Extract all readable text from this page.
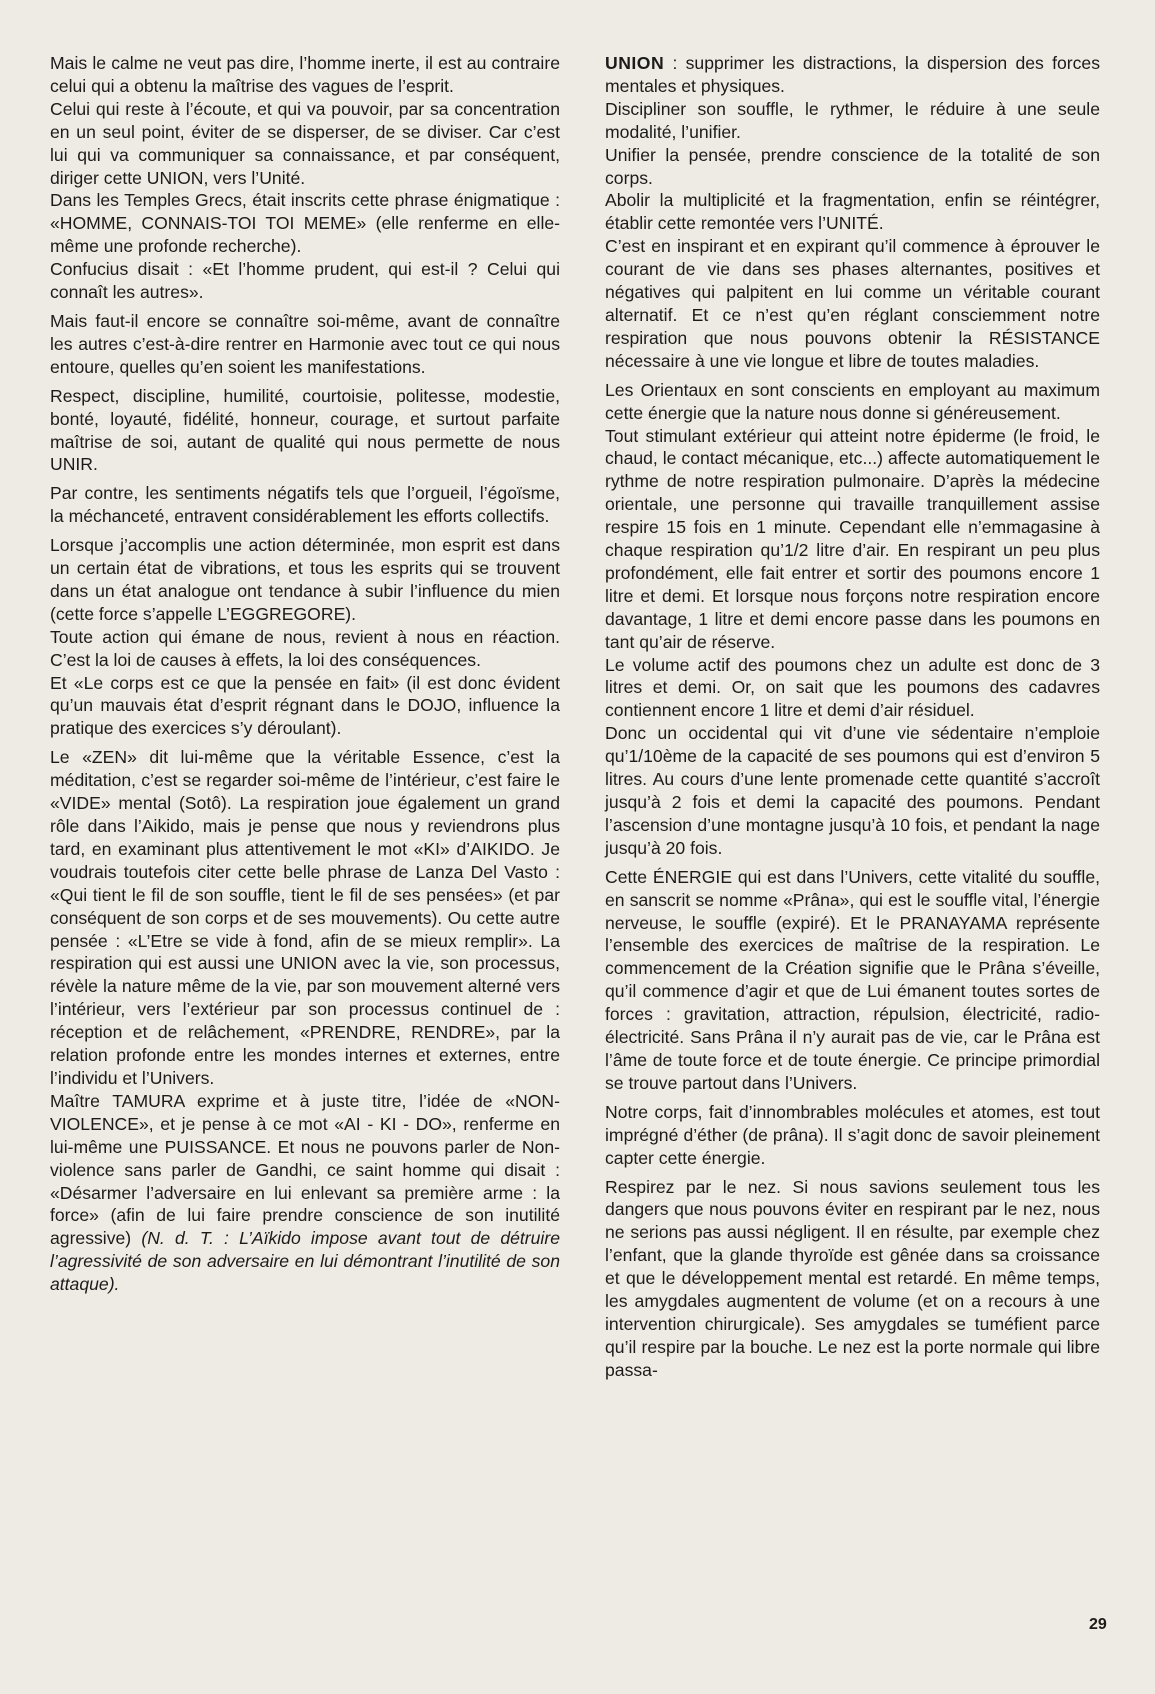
Mais le calme ne veut pas dire, l’homme inerte, il est au contraire celui qui a obtenu la maîtrise des vagues de l’esprit.

Celui qui reste à l’écoute, et qui va pouvoir, par sa concentration en un seul point, éviter de se disperser, de se diviser. Car c’est lui qui va communiquer sa connaissance, et par conséquent, diriger cette UNION, vers l’Unité.

Dans les Temples Grecs, était inscrits cette phrase énigmatique : «HOMME, CONNAIS-TOI TOI MEME» (elle renferme en elle-même une profonde recherche).

Confucius disait : «Et l’homme prudent, qui est-il ? Celui qui connaît les autres».

Mais faut-il encore se connaître soi-même, avant de connaître les autres c’est-à-dire rentrer en Harmonie avec tout ce qui nous entoure, quelles qu’en soient les manifestations.

Respect, discipline, humilité, courtoisie, politesse, modestie, bonté, loyauté, fidélité, honneur, courage, et surtout parfaite maîtrise de soi, autant de qualité qui nous permette de nous UNIR.

Par contre, les sentiments négatifs tels que l’orgueil, l’égoïsme, la méchanceté, entravent considérablement les efforts collectifs.

Lorsque j’accomplis une action déterminée, mon esprit est dans un certain état de vibrations, et tous les esprits qui se trouvent dans un état analogue ont tendance à subir l’influence du mien (cette force s’appelle L’EGGREGORE).

Toute action qui émane de nous, revient à nous en réaction. C’est la loi de causes à effets, la loi des conséquences.

Et «Le corps est ce que la pensée en fait» (il est donc évident qu’un mauvais état d’esprit régnant dans le DOJO, influence la pratique des exercices s’y déroulant).

Le «ZEN» dit lui-même que la véritable Essence, c’est la méditation, c’est se regarder soi-même de l’intérieur, c’est faire le «VIDE» mental (Sotô). La respiration joue également un grand rôle dans l’Aikido, mais je pense que nous y reviendrons plus tard, en examinant plus attentivement le mot «KI» d’AIKIDO. Je voudrais toutefois citer cette belle phrase de Lanza Del Vasto : «Qui tient le fil de son souffle, tient le fil de ses pensées» (et par conséquent de son corps et de ses mouvements). Ou cette autre pensée : «L’Etre se vide à fond, afin de se mieux remplir». La respiration qui est aussi une UNION avec la vie, son processus, révèle la nature même de la vie, par son mouvement alterné vers l’intérieur, vers l’extérieur par son processus continuel de : réception et de relâchement, «PRENDRE, RENDRE», par la relation profonde entre les mondes internes et externes, entre l’individu et l’Univers.

Maître TAMURA exprime et à juste titre, l’idée de «NON-VIOLENCE», et je pense à ce mot «AI - KI - DO», renferme en lui-même une PUISSANCE. Et nous ne pouvons parler de Non-violence sans parler de Gandhi, ce saint homme qui disait : «Désarmer l’adversaire en lui enlevant sa première arme : la force» (afin de lui faire prendre conscience de son inutilité agressive) (N. d. T. : L’Aïkido impose avant tout de détruire l’agressivité de son adversaire en lui démontrant l’inutilité de son attaque).

UNION : supprimer les distractions, la dispersion des forces mentales et physiques.

Discipliner son souffle, le rythmer, le réduire à une seule modalité, l’unifier.

Unifier la pensée, prendre conscience de la totalité de son corps.

Abolir la multiplicité et la fragmentation, enfin se réintégrer, établir cette remontée vers l’UNITÉ.

C’est en inspirant et en expirant qu’il commence à éprouver le courant de vie dans ses phases alternantes, positives et négatives qui palpitent en lui comme un véritable courant alternatif. Et ce n’est qu’en réglant consciemment notre respiration que nous pouvons obtenir la RÉSISTANCE nécessaire à une vie longue et libre de toutes maladies.

Les Orientaux en sont conscients en employant au maximum cette énergie que la nature nous donne si généreusement.

Tout stimulant extérieur qui atteint notre épiderme (le froid, le chaud, le contact mécanique, etc...) affecte automatiquement le rythme de notre respiration pulmonaire. D’après la médecine orientale, une personne qui travaille tranquillement assise respire 15 fois en 1 minute. Cependant elle n’emmagasine à chaque respiration qu’1/2 litre d’air. En respirant un peu plus profondément, elle fait entrer et sortir des poumons encore 1 litre et demi. Et lorsque nous forçons notre respiration encore davantage, 1 litre et demi encore passe dans les poumons en tant qu’air de réserve.

Le volume actif des poumons chez un adulte est donc de 3 litres et demi. Or, on sait que les poumons des cadavres contiennent encore 1 litre et demi d’air résiduel.

Donc un occidental qui vit d’une vie sédentaire n’emploie qu’1/10ème de la capacité de ses poumons qui est d’environ 5 litres. Au cours d’une lente promenade cette quantité s’accroît jusqu’à 2 fois et demi la capacité des poumons. Pendant l’ascension d’une montagne jusqu’à 10 fois, et pendant la nage jusqu’à 20 fois.

Cette ÉNERGIE qui est dans l’Univers, cette vitalité du souffle, en sanscrit se nomme «Prâna», qui est le souffle vital, l’énergie nerveuse, le souffle (expiré). Et le PRANAYAMA représente l’ensemble des exercices de maîtrise de la respiration. Le commencement de la Création signifie que le Prâna s’éveille, qu’il commence d’agir et que de Lui émanent toutes sortes de forces : gravitation, attraction, répulsion, électricité, radio-électricité. Sans Prâna il n’y aurait pas de vie, car le Prâna est l’âme de toute force et de toute énergie. Ce principe primordial se trouve partout dans l’Univers.

Notre corps, fait d’innombrables molécules et atomes, est tout imprégné d’éther (de prâna). Il s’agit donc de savoir pleinement capter cette énergie.

Respirez par le nez. Si nous savions seulement tous les dangers que nous pouvons éviter en respirant par le nez, nous ne serions pas aussi négligent. Il en résulte, par exemple chez l’enfant, que la glande thyroïde est gênée dans sa croissance et que le développement mental est retardé. En même temps, les amygdales augmentent de volume (et on a recours à une intervention chirurgicale). Ses amygdales se tuméfient parce qu’il respire par la bouche. Le nez est la porte normale qui libre passa-

29
